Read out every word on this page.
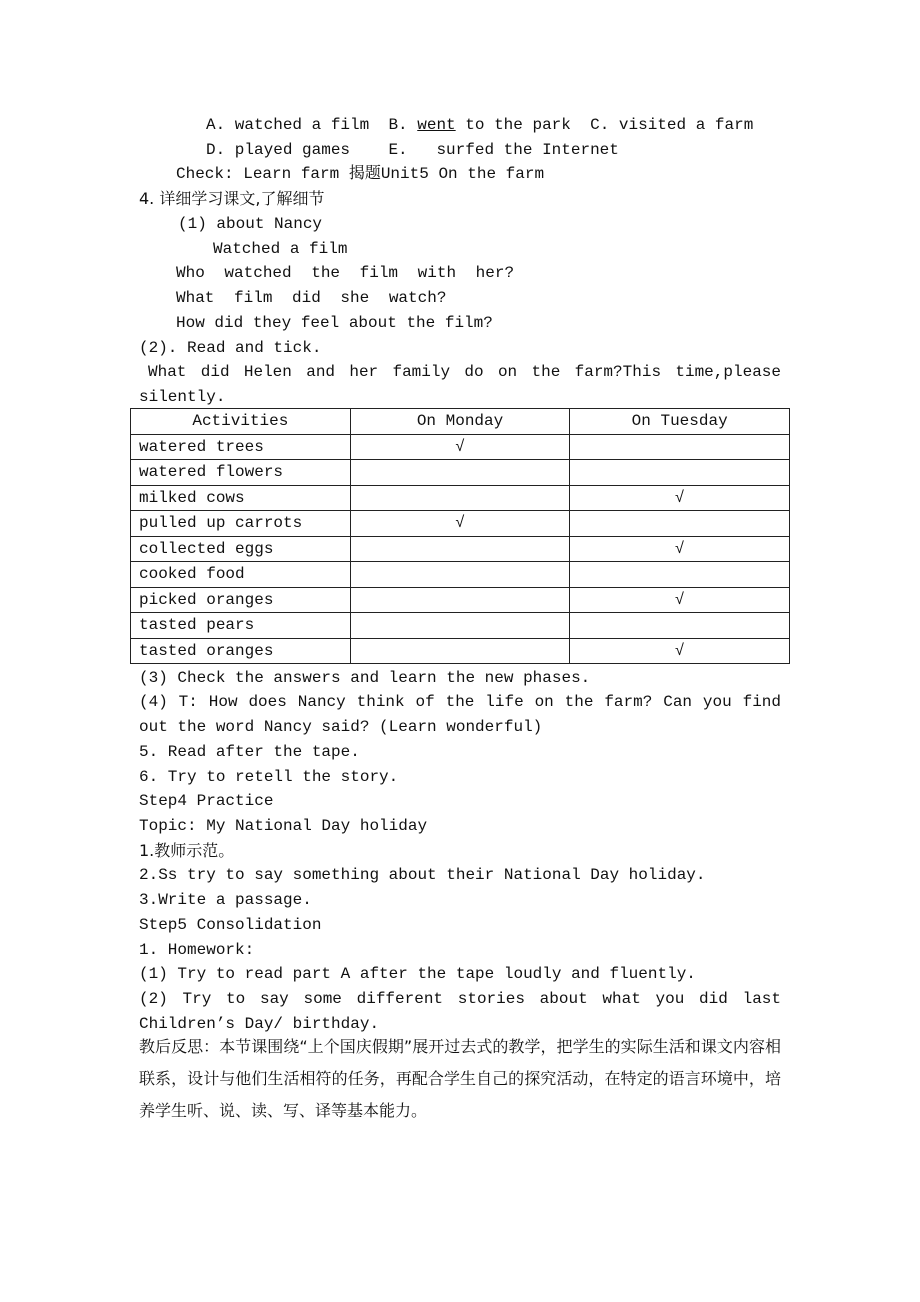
A. watched a film B. went to the park C. visited a farm
D. played games E. surfed the Internet
Check: Learn farm 揭题Unit5 On the farm
4. 详细学习课文,了解细节
(1) about Nancy
Watched a film
Who watched the film with her?
What film did she watch?
How did they feel about the film?
(2). Read and tick.
What did Helen and her family do on the farm?This time,please
silently.
Activities	On Monday	On Tuesday
watered trees	√	
watered flowers		
milked cows		√
pulled up carrots	√	
collected eggs		√
cooked food		
picked oranges		√
tasted pears		
tasted oranges		√
(3) Check the answers and learn the new phases.
(4) T: How does Nancy think of the life on the farm? Can you find
out the word Nancy said? (Learn wonderful)
5. Read after the tape.
6. Try to retell the story.
Step4 Practice
Topic: My National Day holiday
1.教师示范。
2.Ss try to say something about their National Day holiday.
3.Write a passage.
Step5 Consolidation
1. Homework:
(1) Try to read part A after the tape loudly and fluently.
(2) Try to say some different stories about what you did last
Children’s Day/ birthday.
教后反思：本节课围绕“上个国庆假期”展开过去式的教学，把学生的实际生活和课文内容相联系，设计与他们生活相符的任务，再配合学生自己的探究活动，在特定的语言环境中，培养学生听、说、读、写、译等基本能力。
